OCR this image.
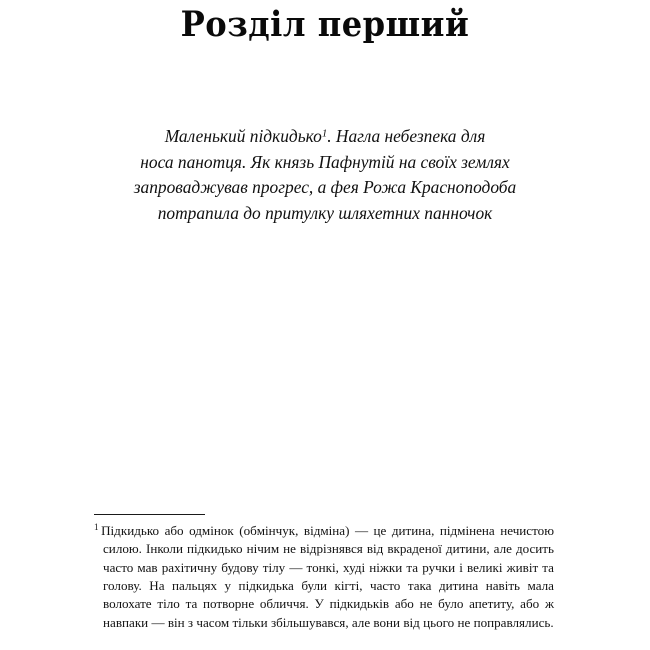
Розділ перший
Маленький підкидько$^1$. Нагла небезпека для
носа панотця. Як князь Пафнутій на своїх землях
запроваджував прогрес, а фея Рожа Красноподоба
потрапила до притулку шляхетних панночок
$^1$ Підкидько або одмінок (обмінчук, відміна) — це дитина, підмінена нечистою силою. Інколи підкидько нічим не відрізнявся від вкраденої дитини, але досить часто мав рахітичну будову тілу — тонкі, худі ніжки та ручки і великі живіт та голову. На пальцях у підкидька були кігті, часто така дитина навіть мала волохате тіло та потворне обличчя. У підкидьків або не було апетиту, або ж навпаки — він з часом тільки збільшувався, але вони від цього не поправлялись.
